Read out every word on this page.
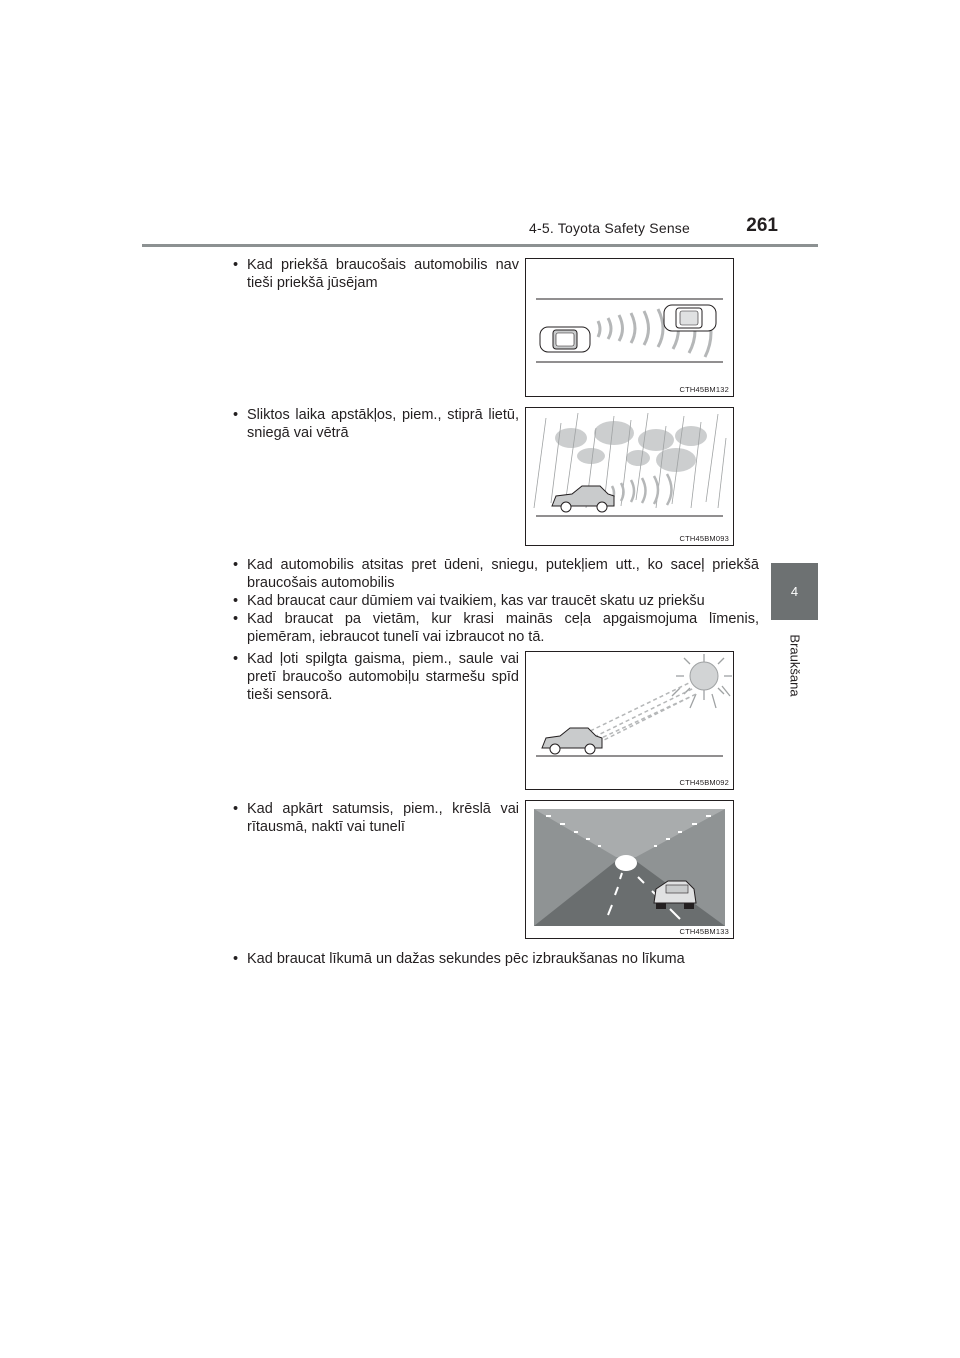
4-5. Toyota Safety Sense	261
4
Braukšana
• Kad priekšā braucošais automobilis nav tieši priekšā jūsējam
CTH45BM132
• Sliktos laika apstākļos, piem., stiprā lietū, sniegā vai vētrā
CTH45BM093
• Kad automobilis atsitas pret ūdeni, sniegu, putekļiem utt., ko saceļ priekšā braucošais automobilis
• Kad braucat caur dūmiem vai tvaikiem, kas var traucēt skatu uz priekšu
• Kad braucat pa vietām, kur krasi mainās ceļa apgaismojuma līmenis, piemēram, iebraucot tunelī vai izbraucot no tā.
• Kad ļoti spilgta gaisma, piem., saule vai pretī braucošo automobiļu starmešu spīd tieši sensorā.
CTH45BM092
• Kad apkārt satumsis, piem., krēslā vai rītausmā, naktī vai tunelī
CTH45BM133
• Kad braucat līkumā un dažas sekundes pēc izbraukšanas no līkuma
